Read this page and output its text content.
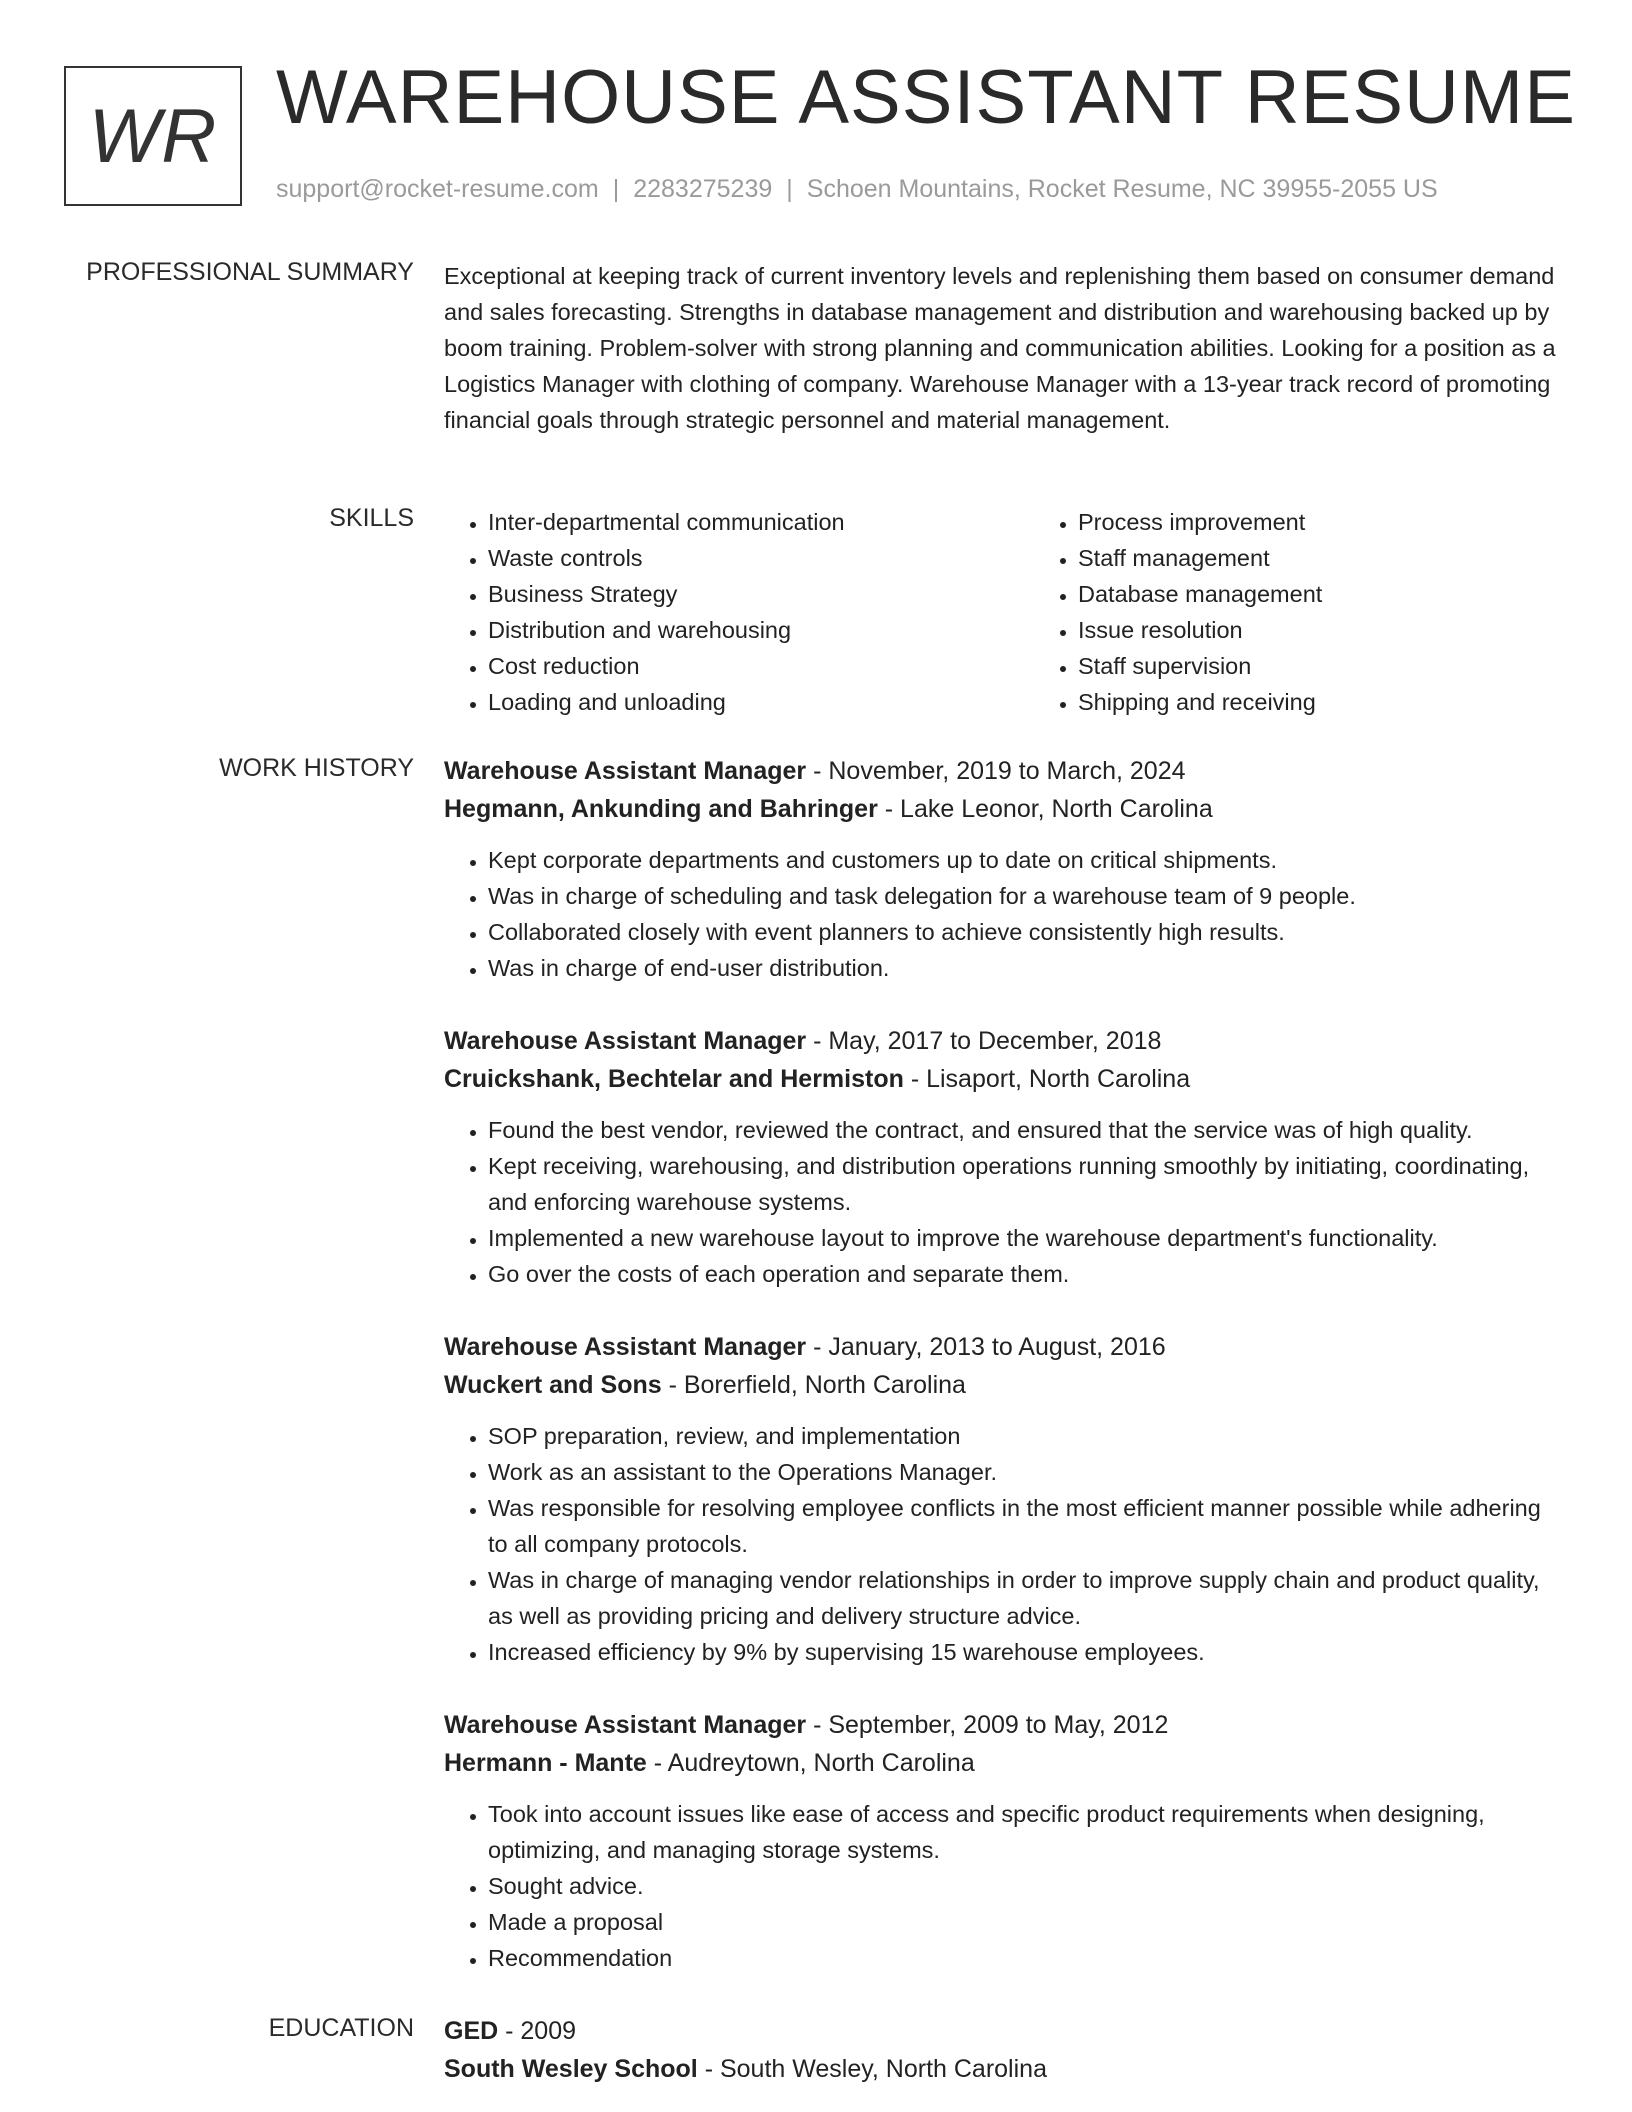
WR WAREHOUSE ASSISTANT RESUME
support@rocket-resume.com | 2283275239 | Schoen Mountains, Rocket Resume, NC 39955-2055 US
PROFESSIONAL SUMMARY Exceptional at keeping track of current inventory levels and replenishing them based on consumer demand and sales forecasting. Strengths in database management and distribution and warehousing backed up by boom training. Problem-solver with strong planning and communication abilities. Looking for a position as a Logistics Manager with clothing of company. Warehouse Manager with a 13-year track record of promoting financial goals through strategic personnel and material management.

SKILLS
•	Inter-departmental communication
• Waste controls
• Business Strategy
• Distribution and warehousing
• Cost reduction
• Loading and unloading
• Process improvement
• Staff management
• Database management
• Issue resolution
• Staff supervision
• Shipping and receiving
WORK HISTORY Warehouse Assistant Manager - November, 2019 to March, 2024
Hegmann, Ankunding and Bahringer - Lake Leonor, North Carolina
• Kept corporate departments and customers up to date on critical shipments.
• Was in charge of scheduling and task delegation for a warehouse team of 9 people.
• Collaborated closely with event planners to achieve consistently high results.
• Was in charge of end-user distribution.
Warehouse Assistant Manager - May, 2017 to December, 2018
Cruickshank, Bechtelar and Hermiston - Lisaport, North Carolina
• Found the best vendor, reviewed the contract, and ensured that the service was of high quality.
• Kept receiving, warehousing, and distribution operations running smoothly by initiating, coordinating, and enforcing warehouse systems.
• Implemented a new warehouse layout to improve the warehouse department's functionality.
• Go over the costs of each operation and separate them.
Warehouse Assistant Manager - January, 2013 to August, 2016
Wuckert and Sons - Borerfield, North Carolina
• SOP preparation, review, and implementation
• Work as an assistant to the Operations Manager.
• Was responsible for resolving employee conflicts in the most efficient manner possible while adhering to all company protocols.
• Was in charge of managing vendor relationships in order to improve supply chain and product quality, as well as providing pricing and delivery structure advice.
• Increased efficiency by 9% by supervising 15 warehouse employees.
Warehouse Assistant Manager - September, 2009 to May, 2012
Hermann - Mante - Audreytown, North Carolina
• Took into account issues like ease of access and specific product requirements when designing, optimizing, and managing storage systems.
• Sought advice.
• Made a proposal
• Recommendation
EDUCATION GED - 2009
South Wesley School - South Wesley, North Carolina
